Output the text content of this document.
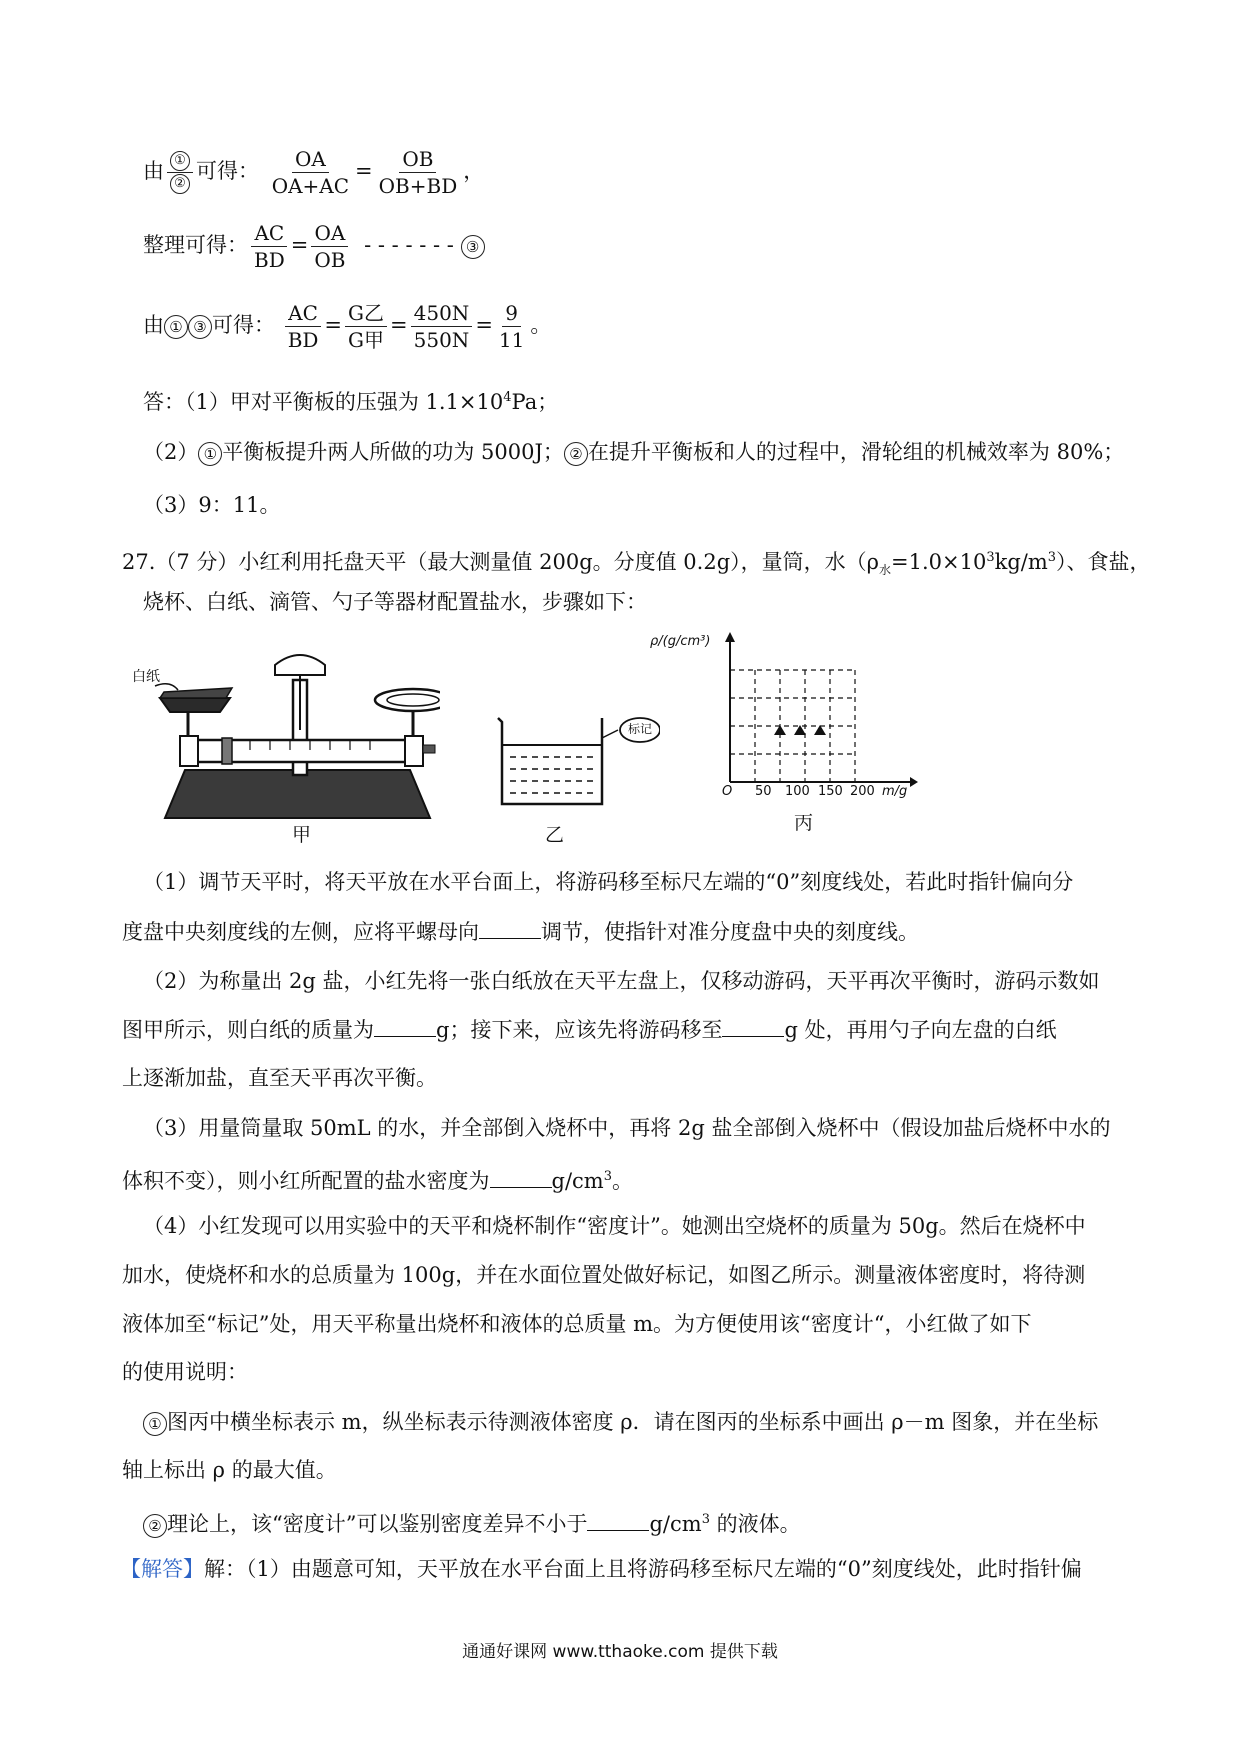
由 $\frac{\text{①}}{\text{②}}$ 可得： $\frac{OA}{OA+AC} = \frac{OB}{OB+BD}$ ，
整理可得： $\frac{AC}{BD} = \frac{OA}{OB}$ - - - - - - - ③
由 ① ③ 可得： $\frac{AC}{BD} = \frac{\text{G乙}}{\text{G甲}} = \frac{450N}{550N} = \frac{9}{11}$ 。
答：（1）甲对平衡板的压强为 $1.1\times 10^4Pa$；
（2） ① 平衡板提升两人所做的功为 5000J； ② 在提升平衡板和人的过程中，滑轮组的机械效率为 80%；
（3）9：11。
27.（7 分）小红利用托盘天平（最大测量值 200g。分度值 0.2g），量筒，水$(\rho_水=1.0\times 10^3kg/m^3)$、食盐，
烧杯、白纸、滴管、勺子等器材配置盐水，步骤如下：
白纸
甲
标记
乙
ρ/(g/cm³)
O 50 100 150 200 m/g
丙
（1）调节天平时，将天平放在水平台面上，将游码移至标尺左端的“0”刻度线处，若此时指针偏向分
度盘中央刻度线的左侧，应将平螺母向	调节，使指针对准分度盘中央的刻度线。
（2）为称量出 2g 盐，小红先将一张白纸放在天平左盘上，仅移动游码，天平再次平衡时，游码示数如
图甲所示，则白纸的质量为	g；接下来，应该先将游码移至	g 处，再用勺子向左盘的白纸
上逐渐加盐，直至天平再次平衡。
（3）用量筒量取 50mL 的水，并全部倒入烧杯中，再将 2g 盐全部倒入烧杯中（假设加盐后烧杯中水的
体积不变），则小红所配置的盐水密度为	$g/cm^3$。
（4）小红发现可以用实验中的天平和烧杯制作“密度计”。她测出空烧杯的质量为 50g。然后在烧杯中
加水，使烧杯和水的总质量为 100g，并在水面位置处做好标记，如图乙所示。测量液体密度时，将待测
液体加至“标记”处，用天平称量出烧杯和液体的总质量 m。为方便使用该“密度计“，小红做了如下
的使用说明：
① 图丙中横坐标表示 m，纵坐标表示待测液体密度 ρ．请在图丙的坐标系中画出 ρ－m 图象，并在坐标
轴上标出 ρ 的最大值。
② 理论上，该“密度计”可以鉴别密度差异不小于	$g/cm^3$ 的液体。
【解答】解：（1）由题意可知，天平放在水平台面上且将游码移至标尺左端的“0”刻度线处，此时指针偏
通通好课网 www.tthaoke.com 提供下载
